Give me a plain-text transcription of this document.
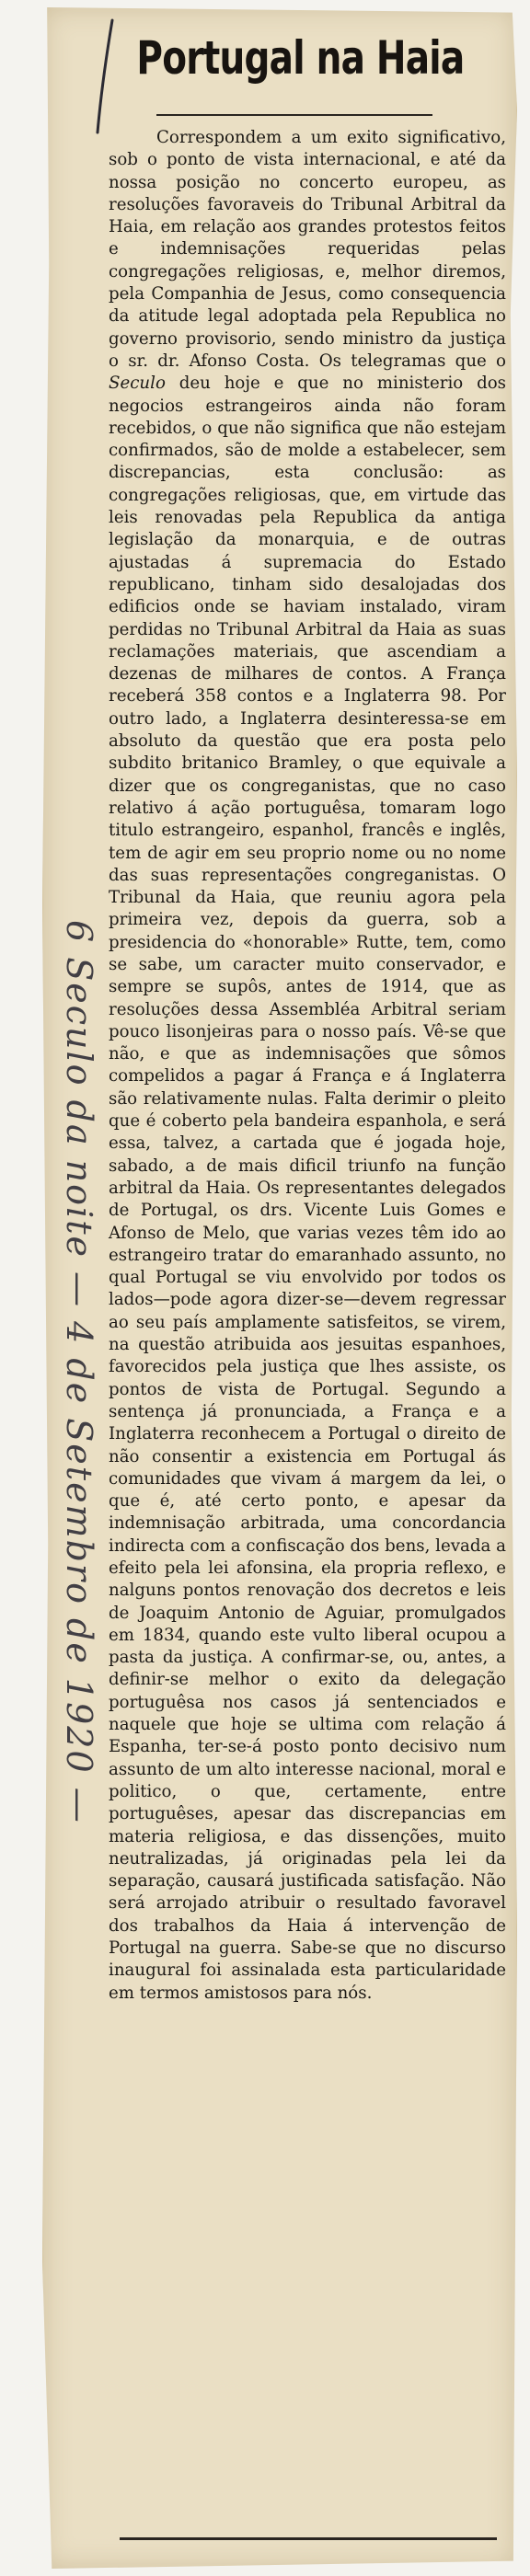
Portugal na Haia
Correspondem a um exito significativo, sob o ponto de vista internacional, e até da nossa posição no concerto europeu, as resoluções favoraveis do Tribunal Arbitral da Haia, em relação aos grandes protestos feitos e indemnisações requeridas pelas congregações religiosas, e, melhor diremos, pela Companhia de Jesus, como consequencia da atitude legal adoptada pela Republica no governo provisorio, sendo ministro da justiça o sr. dr. Afonso Costa. Os telegramas que o Seculo deu hoje e que no ministerio dos negocios estrangeiros ainda não foram recebidos, o que não significa que não estejam confirmados, são de molde a estabelecer, sem discrepancias, esta conclusão: as congregações religiosas, que, em virtude das leis renovadas pela Republica da antiga legislação da monarquia, e de outras ajustadas á supremacia do Estado republicano, tinham sido desalojadas dos edificios onde se haviam instalado, viram perdidas no Tribunal Arbitral da Haia as suas reclamações materiais, que ascendiam a dezenas de milhares de contos. A França receberá 358 contos e a Inglaterra 98. Por outro lado, a Inglaterra desinteressa-se em absoluto da questão que era posta pelo subdito britanico Bramley, o que equivale a dizer que os congreganistas, que no caso relativo á ação portuguêsa, tomaram logo titulo estrangeiro, espanhol, francês e inglês, tem de agir em seu proprio nome ou no nome das suas representações congreganistas. O Tribunal da Haia, que reuniu agora pela primeira vez, depois da guerra, sob a presidencia do «honorable» Rutte, tem, como se sabe, um caracter muito conservador, e sempre se supôs, antes de 1914, que as resoluções dessa Assembléa Arbitral seriam pouco lisonjeiras para o nosso país. Vê-se que não, e que as indemnisações que sômos compelidos a pagar á França e á Inglaterra são relativamente nulas. Falta derimir o pleito que é coberto pela bandeira espanhola, e será essa, talvez, a cartada que é jogada hoje, sabado, a de mais dificil triunfo na função arbitral da Haia. Os representantes delegados de Portugal, os drs. Vicente Luis Gomes e Afonso de Melo, que varias vezes têm ido ao estrangeiro tratar do emaranhado assunto, no qual Portugal se viu envolvido por todos os lados—pode agora dizer-se—devem regressar ao seu país amplamente satisfeitos, se virem, na questão atribuida aos jesuitas espanhoes, favorecidos pela justiça que lhes assiste, os pontos de vista de Portugal. Segundo a sentença já pronunciada, a França e a Inglaterra reconhecem a Portugal o direito de não consentir a existencia em Portugal ás comunidades que vivam á margem da lei, o que é, até certo ponto, e apesar da indemnisação arbitrada, uma concordancia indirecta com a confiscação dos bens, levada a efeito pela lei afonsina, ela propria reflexo, e nalguns pontos renovação dos decretos e leis de Joaquim Antonio de Aguiar, promulgados em 1834, quando este vulto liberal ocupou a pasta da justiça. A confirmar-se, ou, antes, a definir-se melhor o exito da delegação portuguêsa nos casos já sentenciados e naquele que hoje se ultima com relação á Espanha, ter-se-á posto ponto decisivo num assunto de um alto interesse nacional, moral e politico, o que, certamente, entre portuguêses, apesar das discrepancias em materia religiosa, e das dissenções, muito neutralizadas, já originadas pela lei da separação, causará justificada satisfação. Não será arrojado atribuir o resultado favoravel dos trabalhos da Haia á intervenção de Portugal na guerra. Sabe-se que no discurso inaugural foi assinalada esta particularidade em termos amistosos para nós.
6 Seculo da noite — 4 de Setembro de 1920 —
